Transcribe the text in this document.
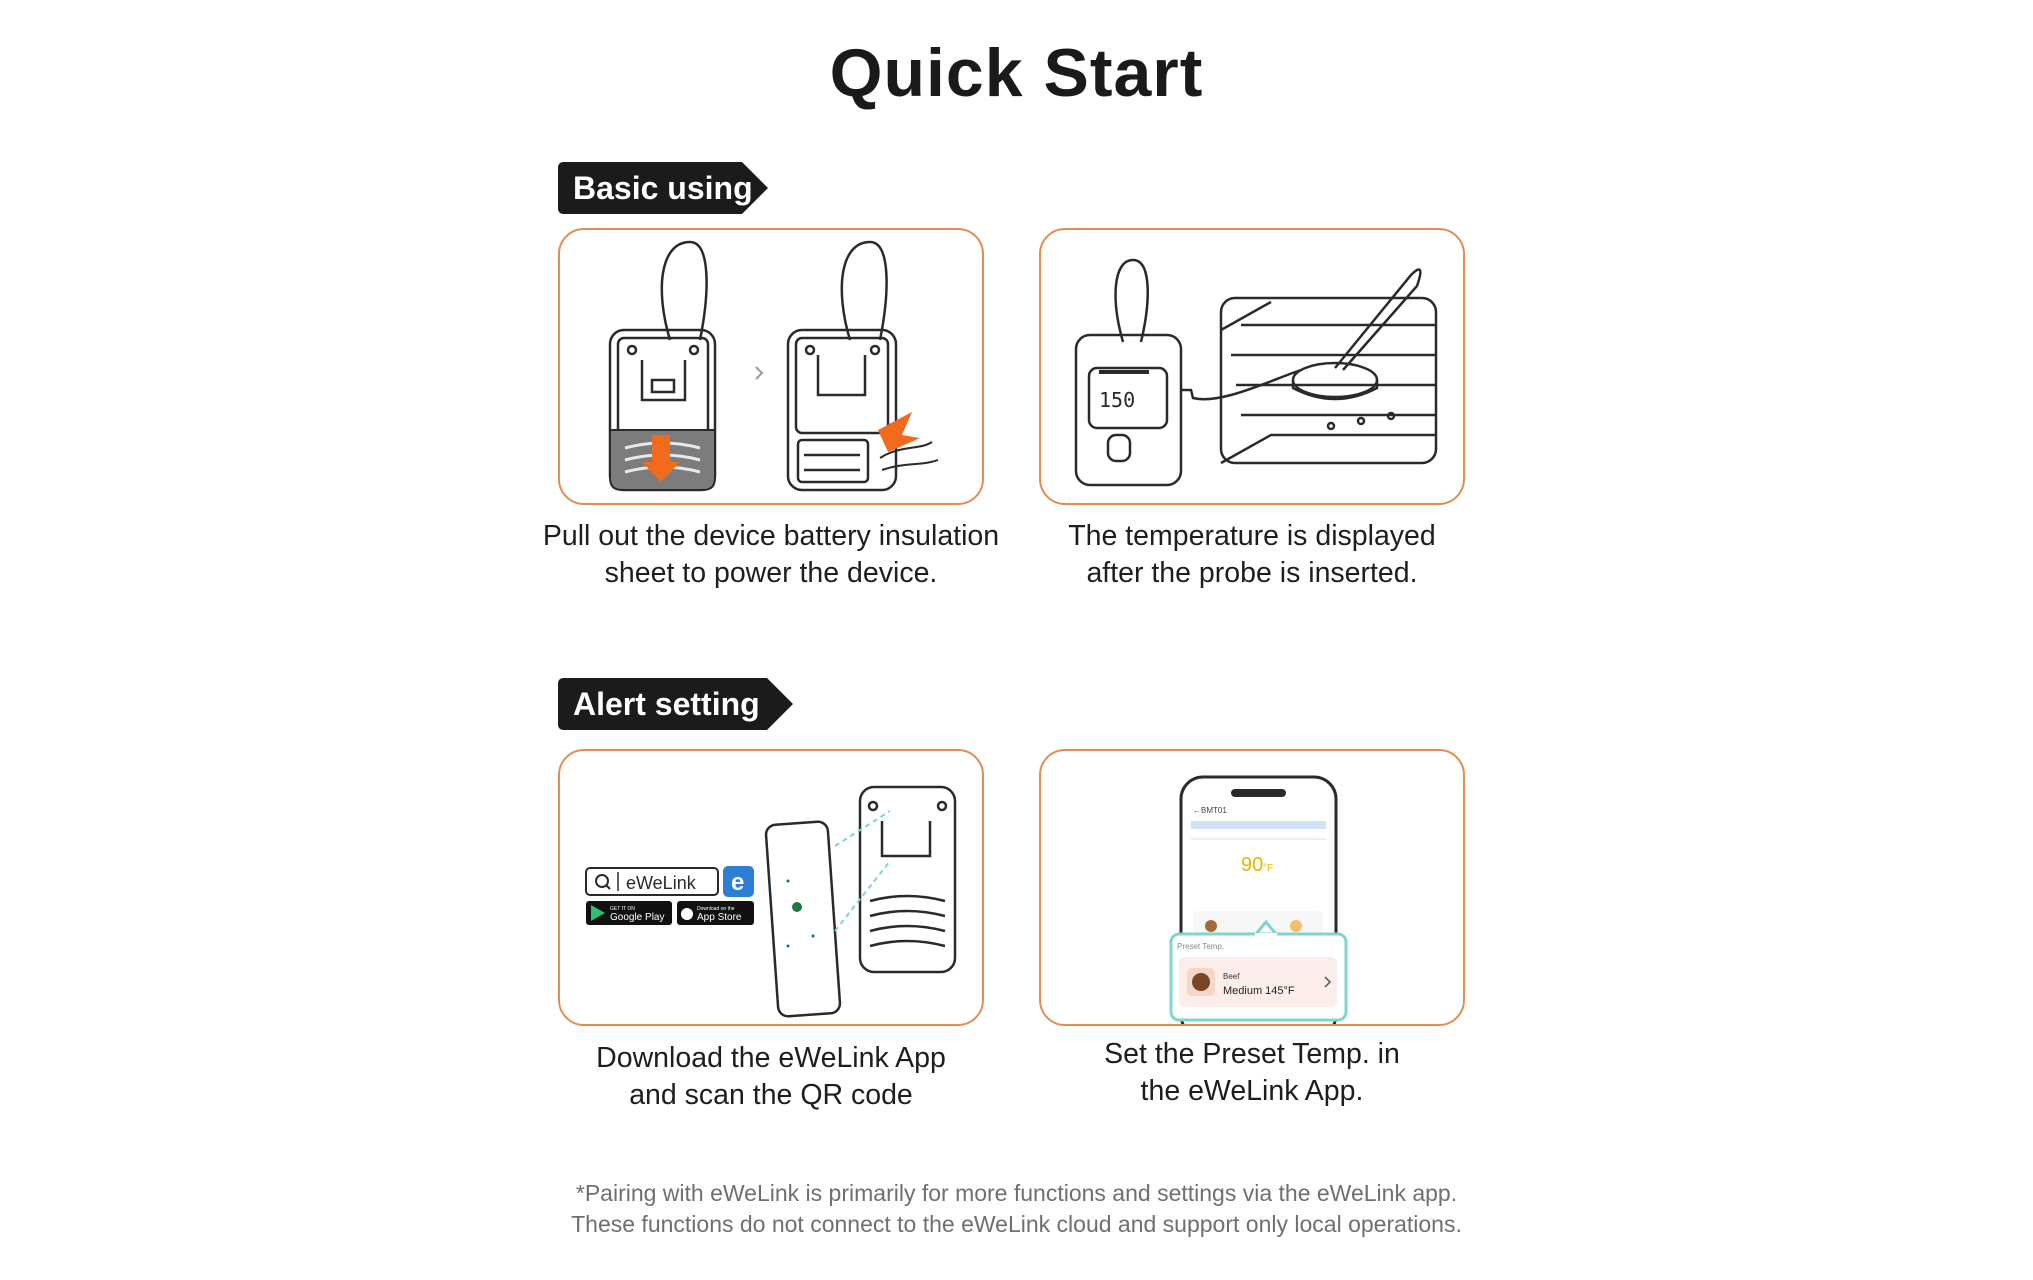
Quick Start
Basic using
150
Pull out the device battery insulation
sheet to power the device.
The temperature is displayed
after the probe is inserted.
Alert setting
eWeLink e
GET IT ON
Google Play
Download on the
App Store
BMT01
←
90 °F
Preset Temp.
Beef
Medium 145°F
Download the eWeLink App
and scan the QR code
Set the Preset Temp. in
the eWeLink App.
*Pairing with eWeLink is primarily for more functions and settings via the eWeLink app.
These functions do not connect to the eWeLink cloud and support only local operations.
